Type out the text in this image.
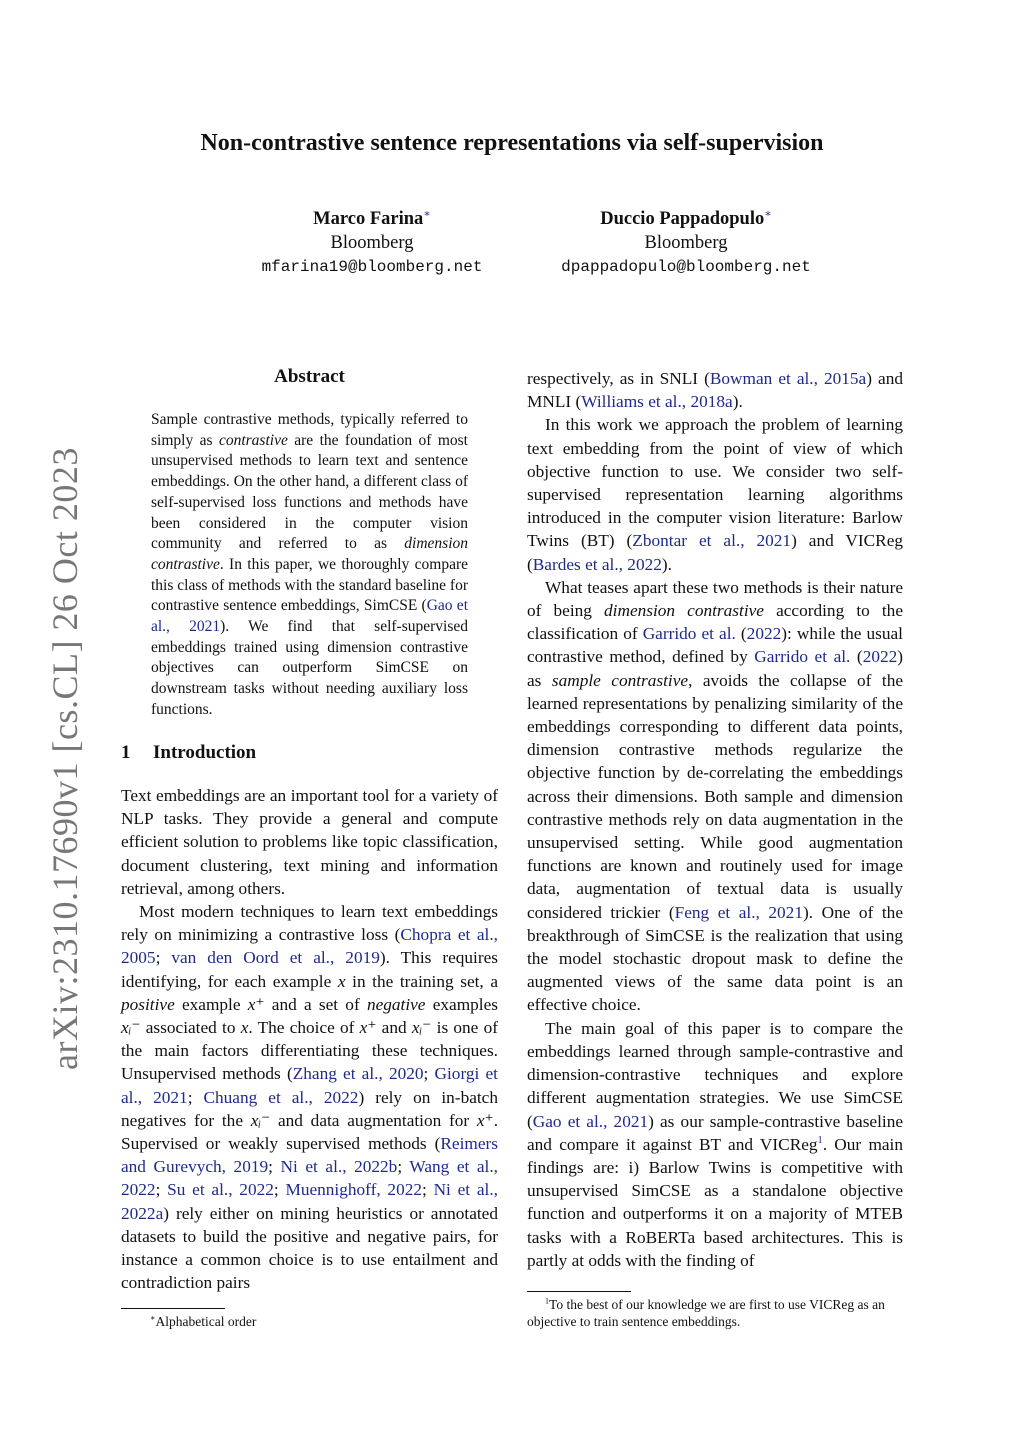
Non-contrastive sentence representations via self-supervision
Marco Farina∗
Bloomberg
mfarina19@bloomberg.net
Duccio Pappadopulo∗
Bloomberg
dpappadopulo@bloomberg.net
arXiv:2310.17690v1 [cs.CL] 26 Oct 2023
Abstract
Sample contrastive methods, typically referred to simply as contrastive are the foundation of most unsupervised methods to learn text and sentence embeddings. On the other hand, a different class of self-supervised loss functions and methods have been considered in the computer vision community and referred to as dimension contrastive. In this paper, we thoroughly compare this class of methods with the standard baseline for contrastive sentence embeddings, SimCSE (Gao et al., 2021). We find that self-supervised embeddings trained using dimension contrastive objectives can outperform SimCSE on downstream tasks without needing auxiliary loss functions.
1 Introduction

Text embeddings are an important tool for a variety of NLP tasks. They provide a general and compute efficient solution to problems like topic classification, document clustering, text mining and information retrieval, among others.

Most modern techniques to learn text embeddings rely on minimizing a contrastive loss (Chopra et al., 2005; van den Oord et al., 2019). This requires identifying, for each example x in the training set, a positive example x⁺ and a set of negative examples xᵢ⁻ associated to x. The choice of x⁺ and xᵢ⁻ is one of the main factors differentiating these techniques. Unsupervised methods (Zhang et al., 2020; Giorgi et al., 2021; Chuang et al., 2022) rely on in-batch negatives for the xᵢ⁻ and data augmentation for x⁺. Supervised or weakly supervised methods (Reimers and Gurevych, 2019; Ni et al., 2022b; Wang et al., 2022; Su et al., 2022; Muennighoff, 2022; Ni et al., 2022a) rely either on mining heuristics or annotated datasets to build the positive and negative pairs, for instance a common choice is to use entailment and contradiction pairs

respectively, as in SNLI (Bowman et al., 2015a) and MNLI (Williams et al., 2018a).

In this work we approach the problem of learning text embedding from the point of view of which objective function to use. We consider two self-supervised representation learning algorithms introduced in the computer vision literature: Barlow Twins (BT) (Zbontar et al., 2021) and VICReg (Bardes et al., 2022).

What teases apart these two methods is their nature of being dimension contrastive according to the classification of Garrido et al. (2022): while the usual contrastive method, defined by Garrido et al. (2022) as sample contrastive, avoids the collapse of the learned representations by penalizing similarity of the embeddings corresponding to different data points, dimension contrastive methods regularize the objective function by de-correlating the embeddings across their dimensions. Both sample and dimension contrastive methods rely on data augmentation in the unsupervised setting. While good augmentation functions are known and routinely used for image data, augmentation of textual data is usually considered trickier (Feng et al., 2021). One of the breakthrough of SimCSE is the realization that using the model stochastic dropout mask to define the augmented views of the same data point is an effective choice.

The main goal of this paper is to compare the embeddings learned through sample-contrastive and dimension-contrastive techniques and explore different augmentation strategies. We use SimCSE (Gao et al., 2021) as our sample-contrastive baseline and compare it against BT and VICReg$^1$. Our main findings are: i) Barlow Twins is competitive with unsupervised SimCSE as a standalone objective function and outperforms it on a majority of MTEB tasks with a RoBERTa based architectures. This is partly at odds with the finding of

∗Alphabetical order
$^1$To the best of our knowledge we are first to use VICReg as an objective to train sentence embeddings.
